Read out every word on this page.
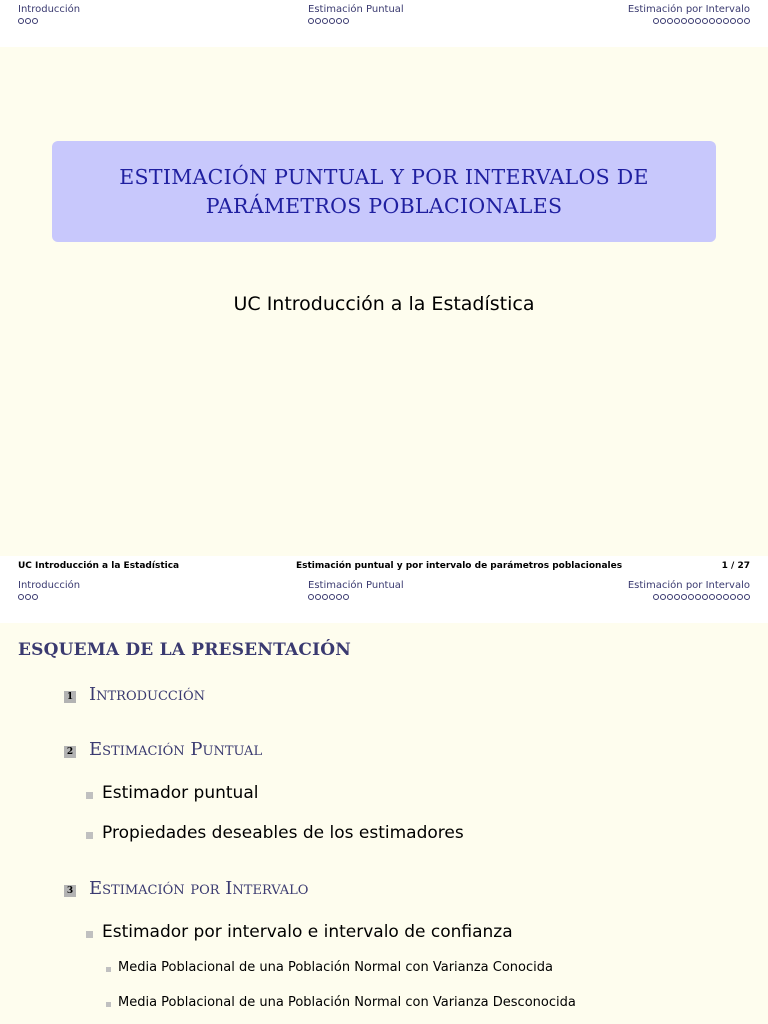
Introducción	Estimación Puntual	Estimación por Intervalo
ESTIMACIÓN PUNTUAL Y POR INTERVALOS DE
PARÁMETROS POBLACIONALES
UC Introducción a la Estadística
UC Introducción a la Estadística	Estimación puntual y por intervalo de parámetros poblacionales	1 / 27
Introducción	Estimación Puntual	Estimación por Intervalo
ESQUEMA DE LA PRESENTACIÓN
1 Introducción
2 Estimación Puntual
Estimador puntual
Propiedades deseables de los estimadores
3 Estimación por Intervalo
Estimador por intervalo e intervalo de confianza
Media Poblacional de una Población Normal con Varianza Conocida
Media Poblacional de una Población Normal con Varianza Desconocida
